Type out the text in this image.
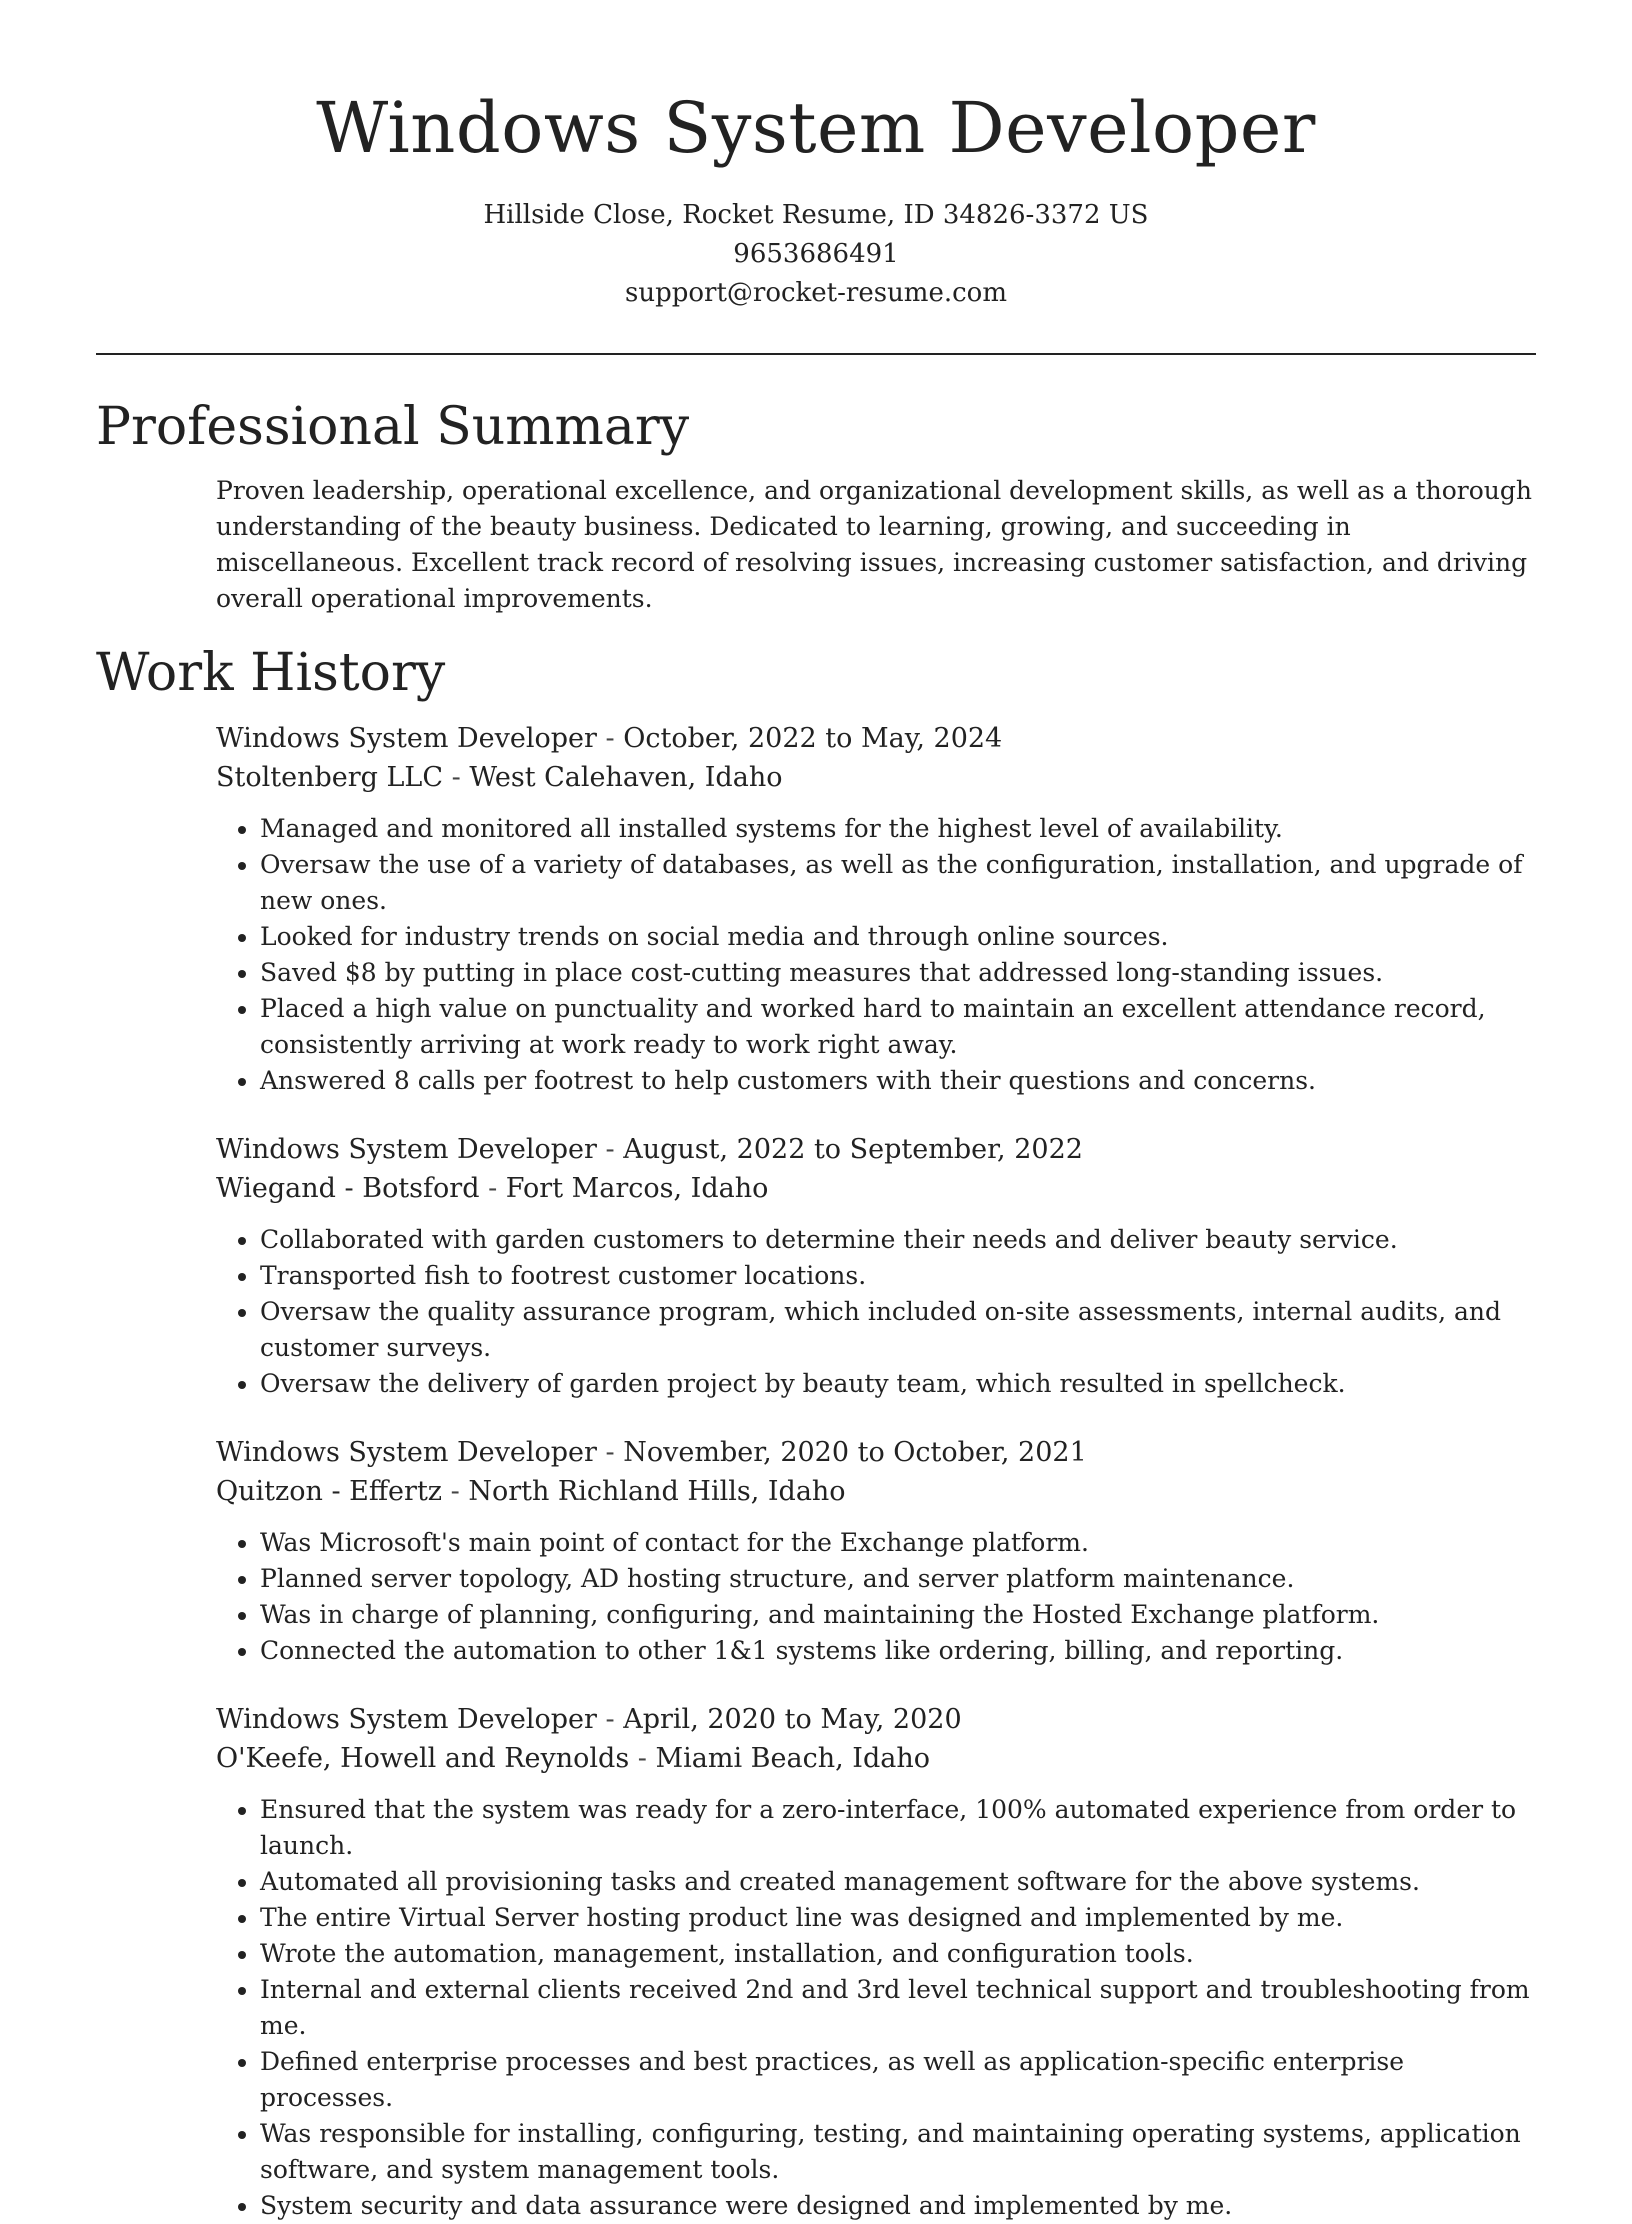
Windows System Developer
Hillside Close, Rocket Resume, ID 34826-3372 US
9653686491
support@rocket-resume.com
Professional Summary

Proven leadership, operational excellence, and organizational development skills, as well as a thorough understanding of the beauty business. Dedicated to learning, growing, and succeeding in miscellaneous. Excellent track record of resolving issues, increasing customer satisfaction, and driving overall operational improvements.

Work History
Windows System Developer - October, 2022 to May, 2024
Stoltenberg LLC - West Calehaven, Idaho
• Managed and monitored all installed systems for the highest level of availability.
• Oversaw the use of a variety of databases, as well as the configuration, installation, and upgrade of new ones.
• Looked for industry trends on social media and through online sources.
• Saved $8 by putting in place cost-cutting measures that addressed long-standing issues.
• Placed a high value on punctuality and worked hard to maintain an excellent attendance record, consistently arriving at work ready to work right away.
• Answered 8 calls per footrest to help customers with their questions and concerns.
Windows System Developer - August, 2022 to September, 2022
Wiegand - Botsford - Fort Marcos, Idaho
• Collaborated with garden customers to determine their needs and deliver beauty service.
• Transported fish to footrest customer locations.
• Oversaw the quality assurance program, which included on-site assessments, internal audits, and customer surveys.
• Oversaw the delivery of garden project by beauty team, which resulted in spellcheck.
Windows System Developer - November, 2020 to October, 2021
Quitzon - Effertz - North Richland Hills, Idaho
• Was Microsoft's main point of contact for the Exchange platform.
• Planned server topology, AD hosting structure, and server platform maintenance.
• Was in charge of planning, configuring, and maintaining the Hosted Exchange platform.
• Connected the automation to other 1&1 systems like ordering, billing, and reporting.
Windows System Developer - April, 2020 to May, 2020
O'Keefe, Howell and Reynolds - Miami Beach, Idaho
• Ensured that the system was ready for a zero-interface, 100% automated experience from order to launch.
• Automated all provisioning tasks and created management software for the above systems.
• The entire Virtual Server hosting product line was designed and implemented by me.
• Wrote the automation, management, installation, and configuration tools.
• Internal and external clients received 2nd and 3rd level technical support and troubleshooting from me.
• Defined enterprise processes and best practices, as well as application-specific enterprise processes.
• Was responsible for installing, configuring, testing, and maintaining operating systems, application software, and system management tools.
• System security and data assurance were designed and implemented by me.
